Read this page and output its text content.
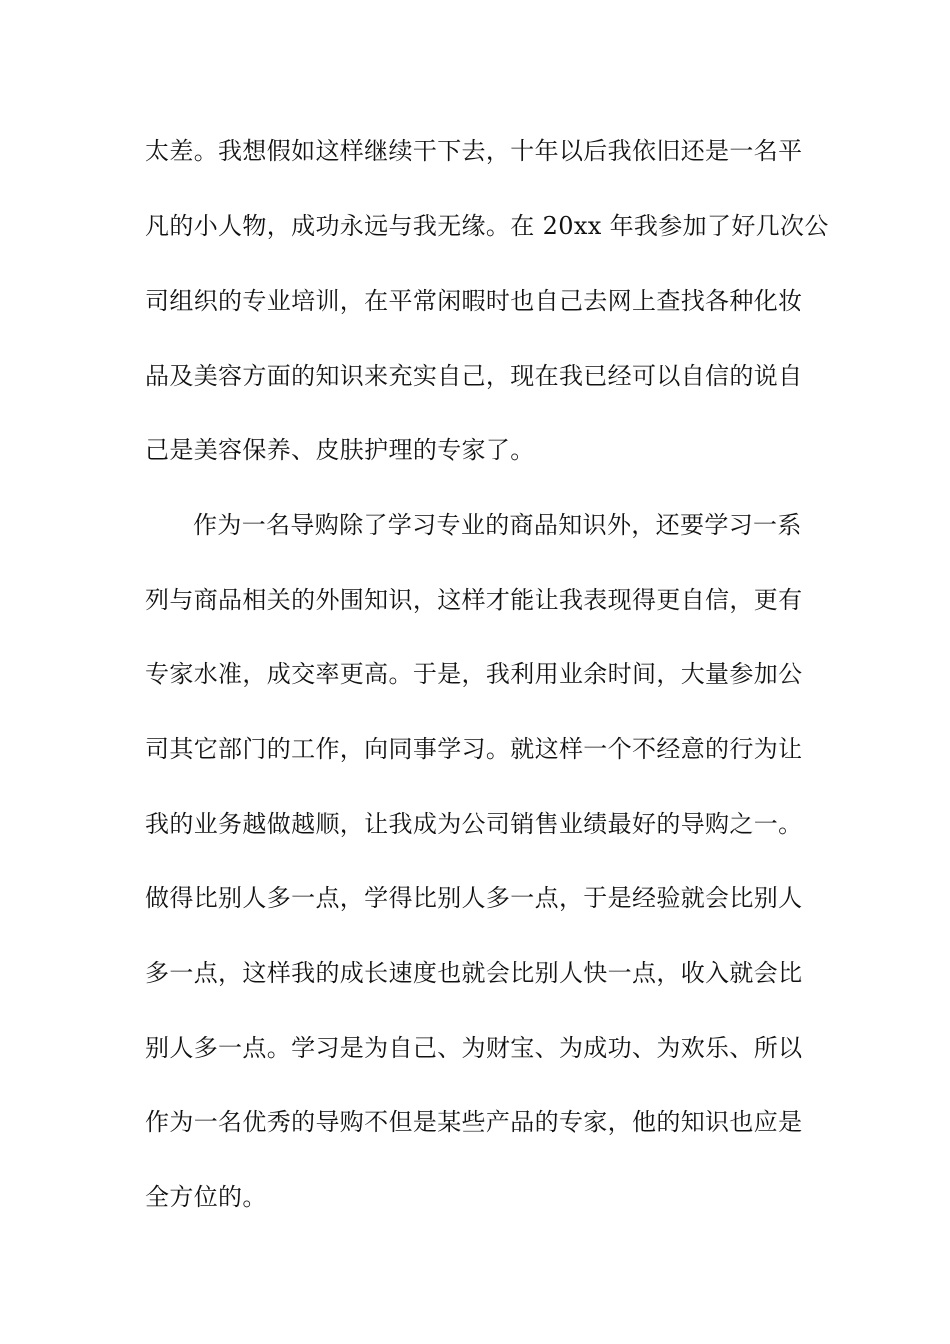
太差。我想假如这样继续干下去，十年以后我依旧还是一名平
凡的小人物，成功永远与我无缘。在 20xx 年我参加了好几次公
司组织的专业培训，在平常闲暇时也自己去网上查找各种化妆
品及美容方面的知识来充实自己，现在我已经可以自信的说自
己是美容保养、皮肤护理的专家了。
作为一名导购除了学习专业的商品知识外，还要学习一系
列与商品相关的外围知识，这样才能让我表现得更自信，更有
专家水准，成交率更高。于是，我利用业余时间，大量参加公
司其它部门的工作，向同事学习。就这样一个不经意的行为让
我的业务越做越顺，让我成为公司销售业绩最好的导购之一。
做得比别人多一点，学得比别人多一点，于是经验就会比别人
多一点，这样我的成长速度也就会比别人快一点，收入就会比
别人多一点。学习是为自己、为财宝、为成功、为欢乐、所以
作为一名优秀的导购不但是某些产品的专家，他的知识也应是
全方位的。
